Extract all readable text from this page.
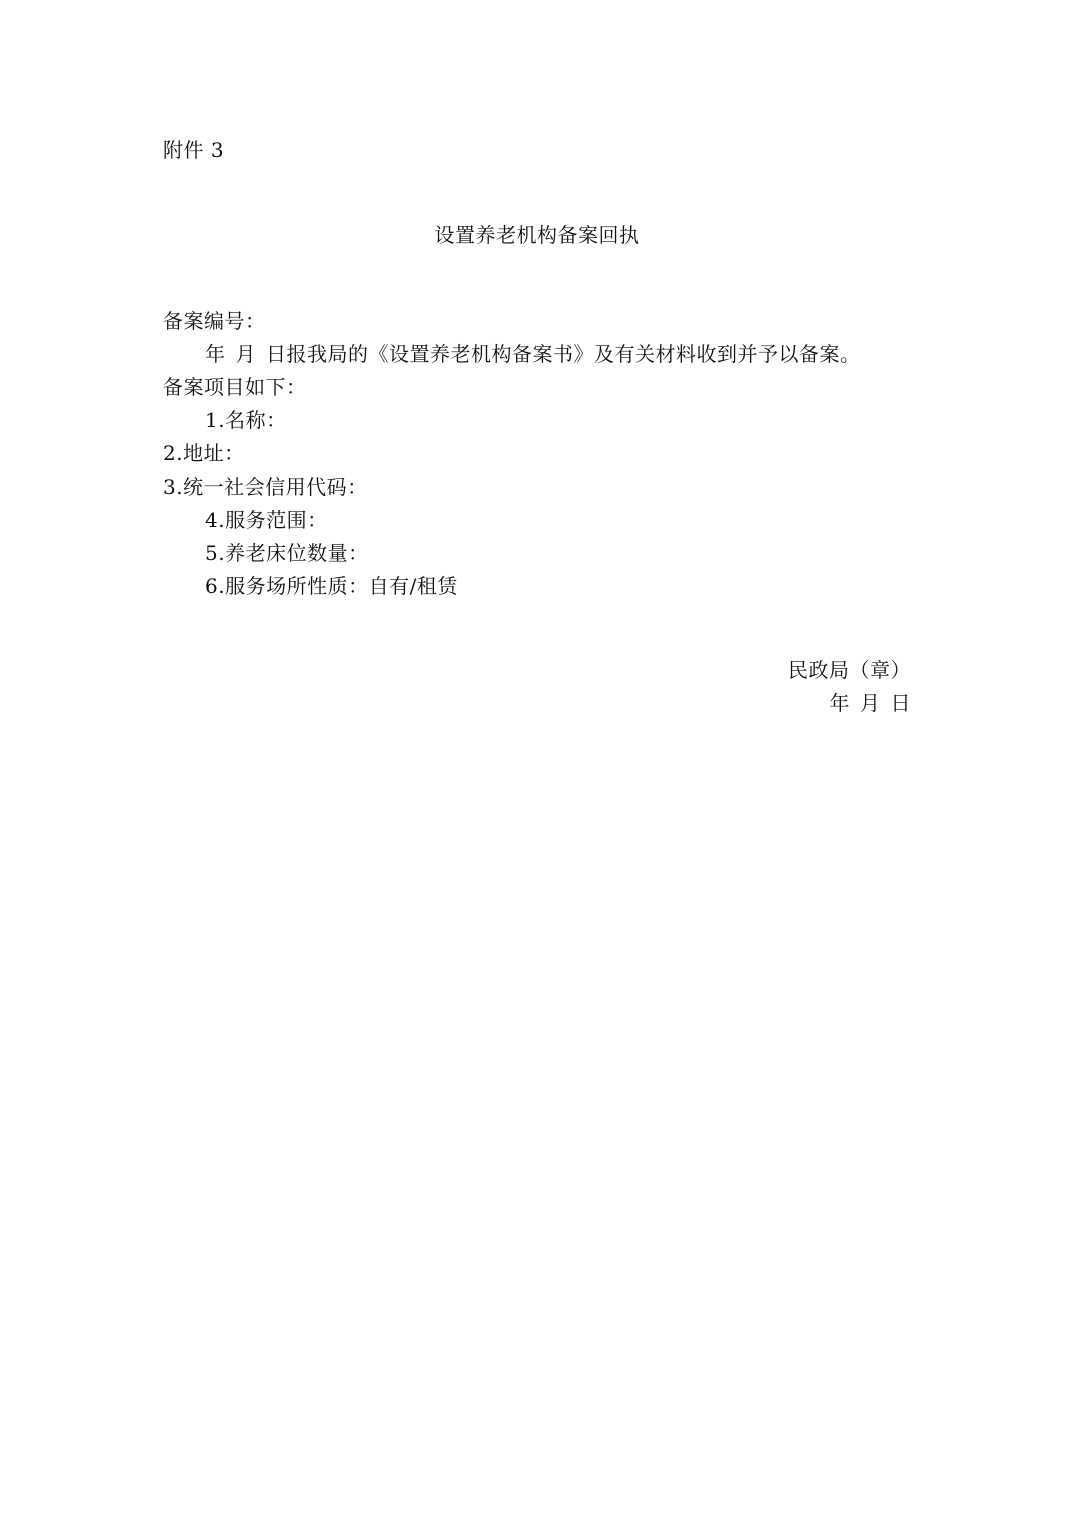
附件 3
设置养老机构备案回执
备案编号：
年 月 日报我局的《设置养老机构备案书》及有关材料收到并予以备案。
备案项目如下：
1.名称：
2.地址：
3.统一社会信用代码：
4.服务范围：
5.养老床位数量：
6.服务场所性质：自有/租赁
民政局（章）
年 月 日
